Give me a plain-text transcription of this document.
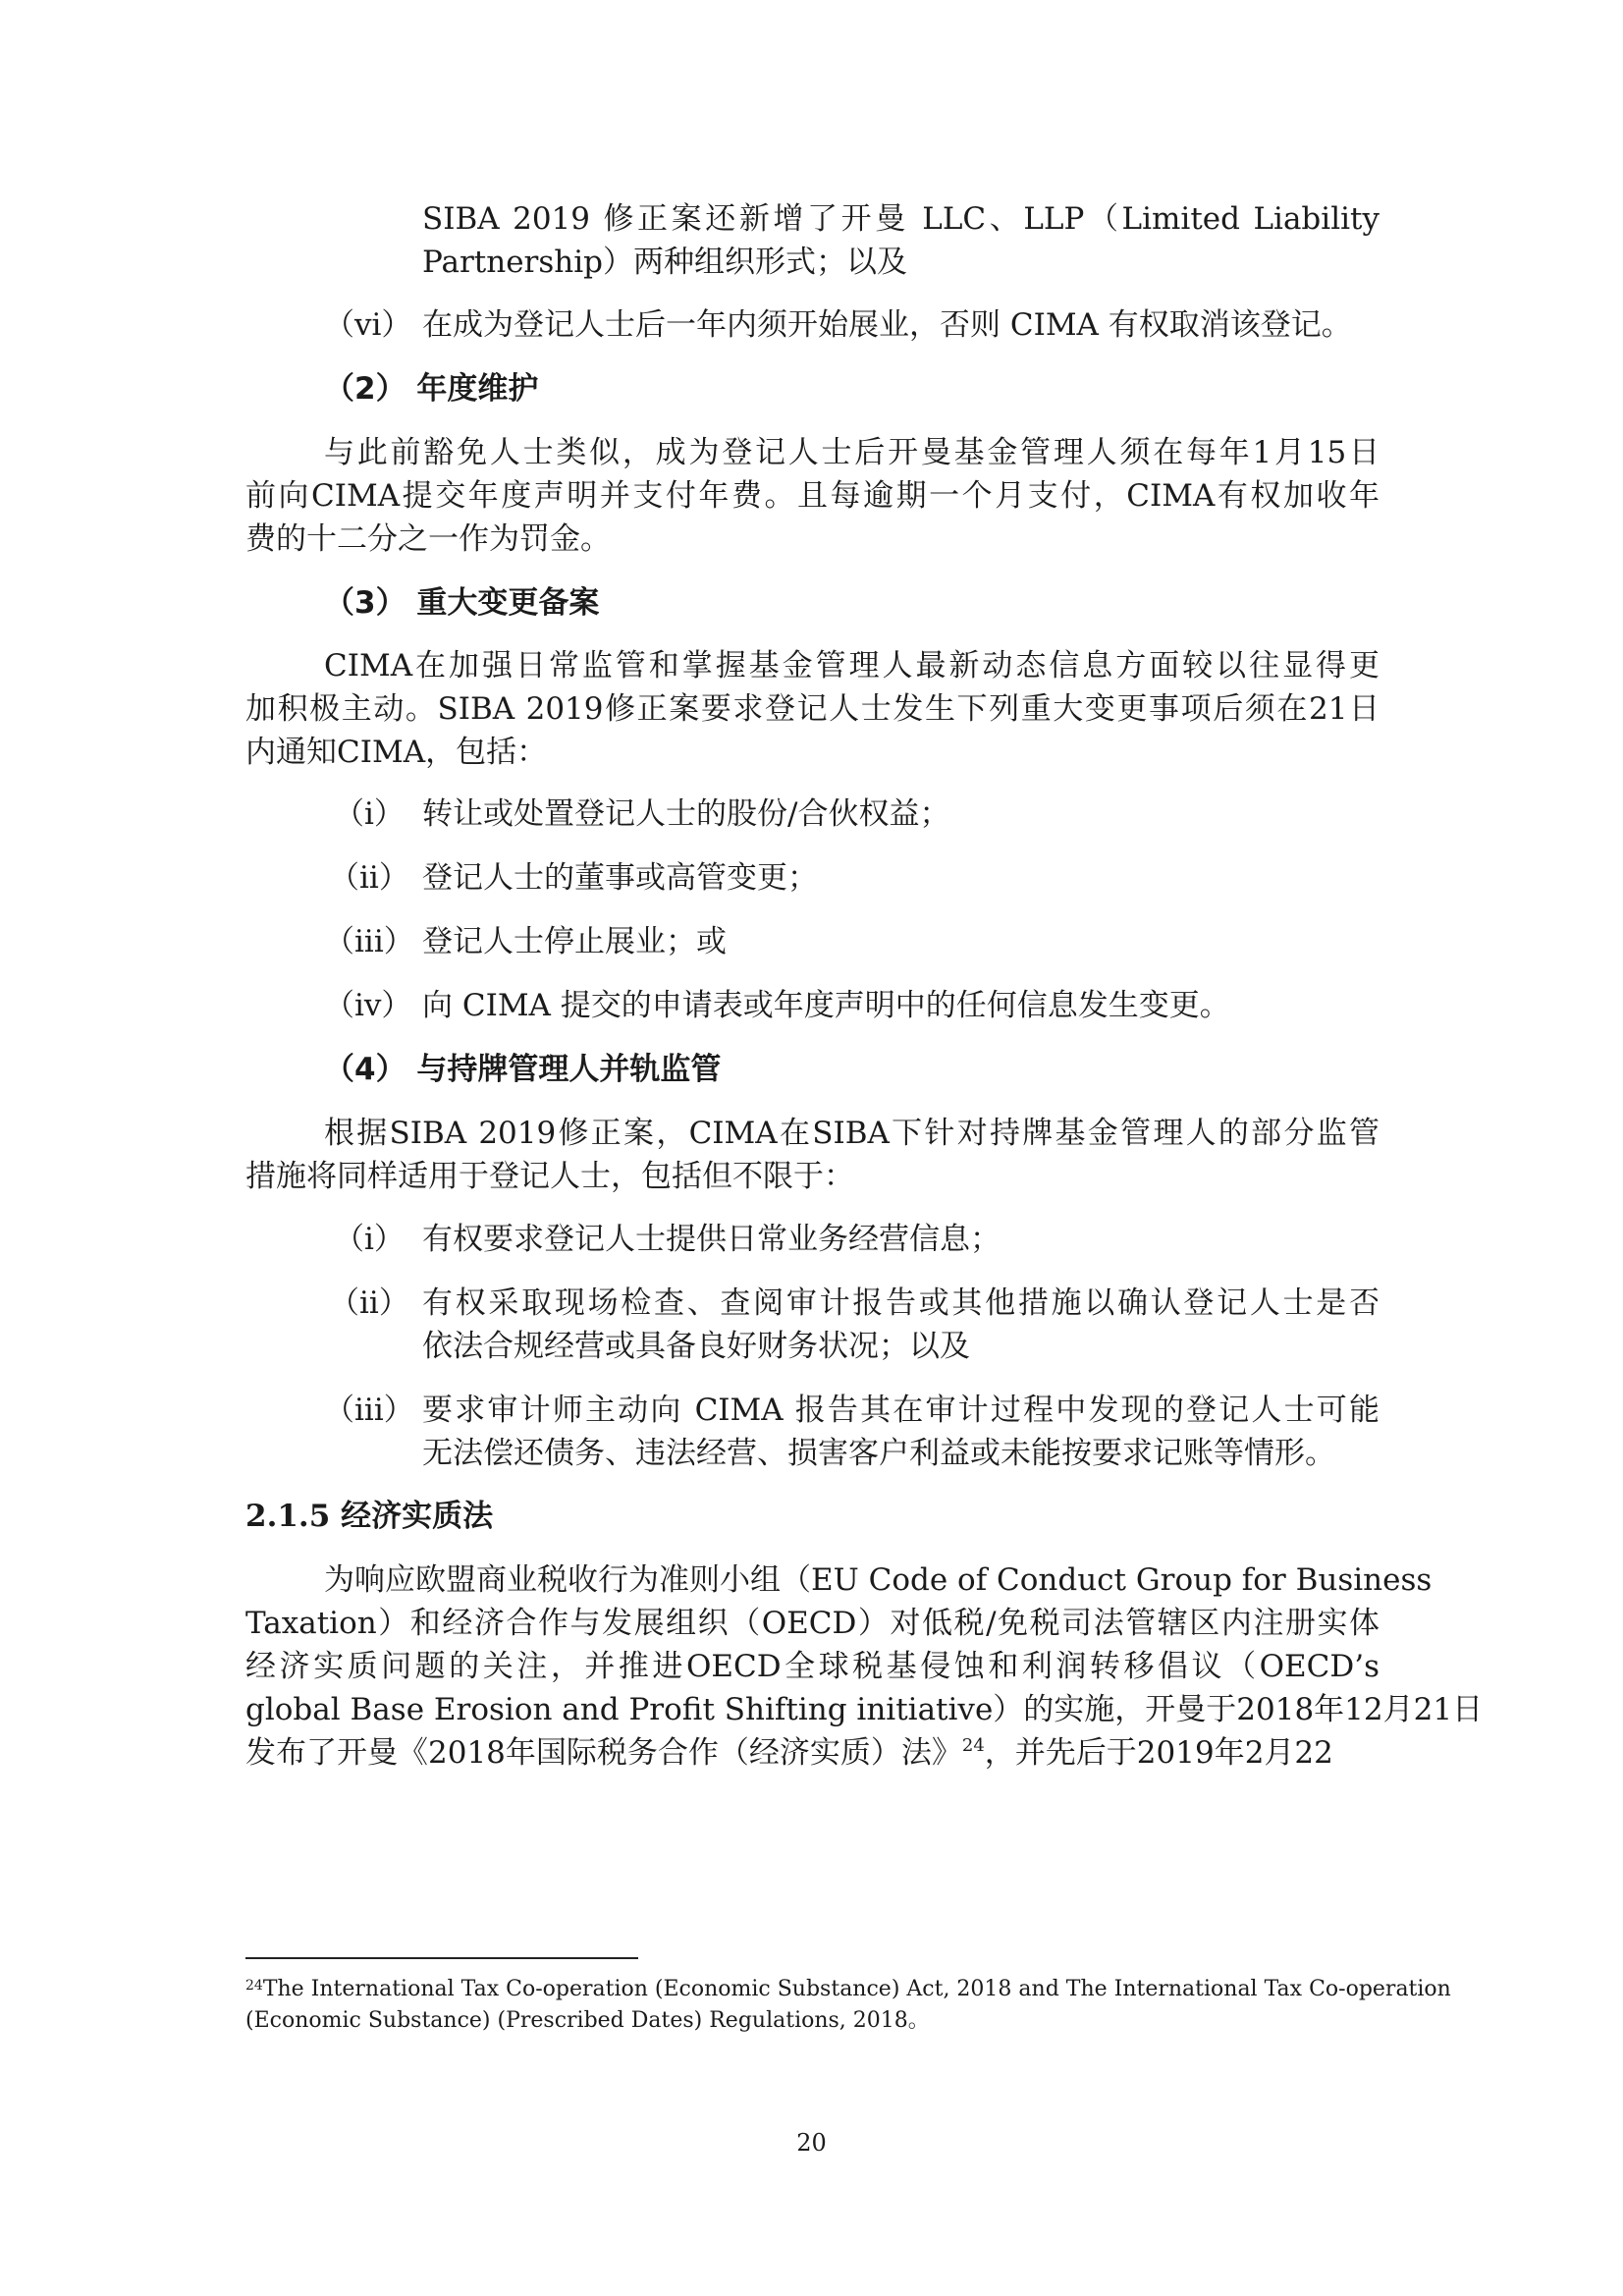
SIBA 2019 修正案还新增了开曼 LLC、LLP（Limited Liability
Partnership）两种组织形式；以及
（vi） 在成为登记人士后一年内须开始展业，否则 CIMA 有权取消该登记。
（2） 年度维护
与此前豁免人士类似，成为登记人士后开曼基金管理人须在每年1月15日
前向CIMA提交年度声明并支付年费。且每逾期一个月支付，CIMA有权加收年
费的十二分之一作为罚金。
（3） 重大变更备案
CIMA在加强日常监管和掌握基金管理人最新动态信息方面较以往显得更
加积极主动。SIBA 2019修正案要求登记人士发生下列重大变更事项后须在21日
内通知CIMA，包括：
（i） 转让或处置登记人士的股份/合伙权益；
（ii） 登记人士的董事或高管变更；
（iii） 登记人士停止展业；或
（iv） 向 CIMA 提交的申请表或年度声明中的任何信息发生变更。
（4） 与持牌管理人并轨监管
根据SIBA 2019修正案，CIMA在SIBA下针对持牌基金管理人的部分监管
措施将同样适用于登记人士，包括但不限于：
（i） 有权要求登记人士提供日常业务经营信息；
（ii） 有权采取现场检查、查阅审计报告或其他措施以确认登记人士是否
依法合规经营或具备良好财务状况；以及
（iii） 要求审计师主动向 CIMA 报告其在审计过程中发现的登记人士可能
无法偿还债务、违法经营、损害客户利益或未能按要求记账等情形。
2.1.5 经济实质法
为响应欧盟商业税收行为准则小组（EU Code of Conduct Group for Business
Taxation）和经济合作与发展组织（OECD）对低税/免税司法管辖区内注册实体
经济实质问题的关注，并推进OECD全球税基侵蚀和利润转移倡议（OECD’s
global Base Erosion and Profit Shifting initiative）的实施，开曼于2018年12月21日
发布了开曼《2018年国际税务合作（经济实质）法》$^{24}$，并先后于2019年2月22
$^{24}$The International Tax Co-operation (Economic Substance) Act, 2018 and The International Tax Co-operation
(Economic Substance) (Prescribed Dates) Regulations, 2018。
20
